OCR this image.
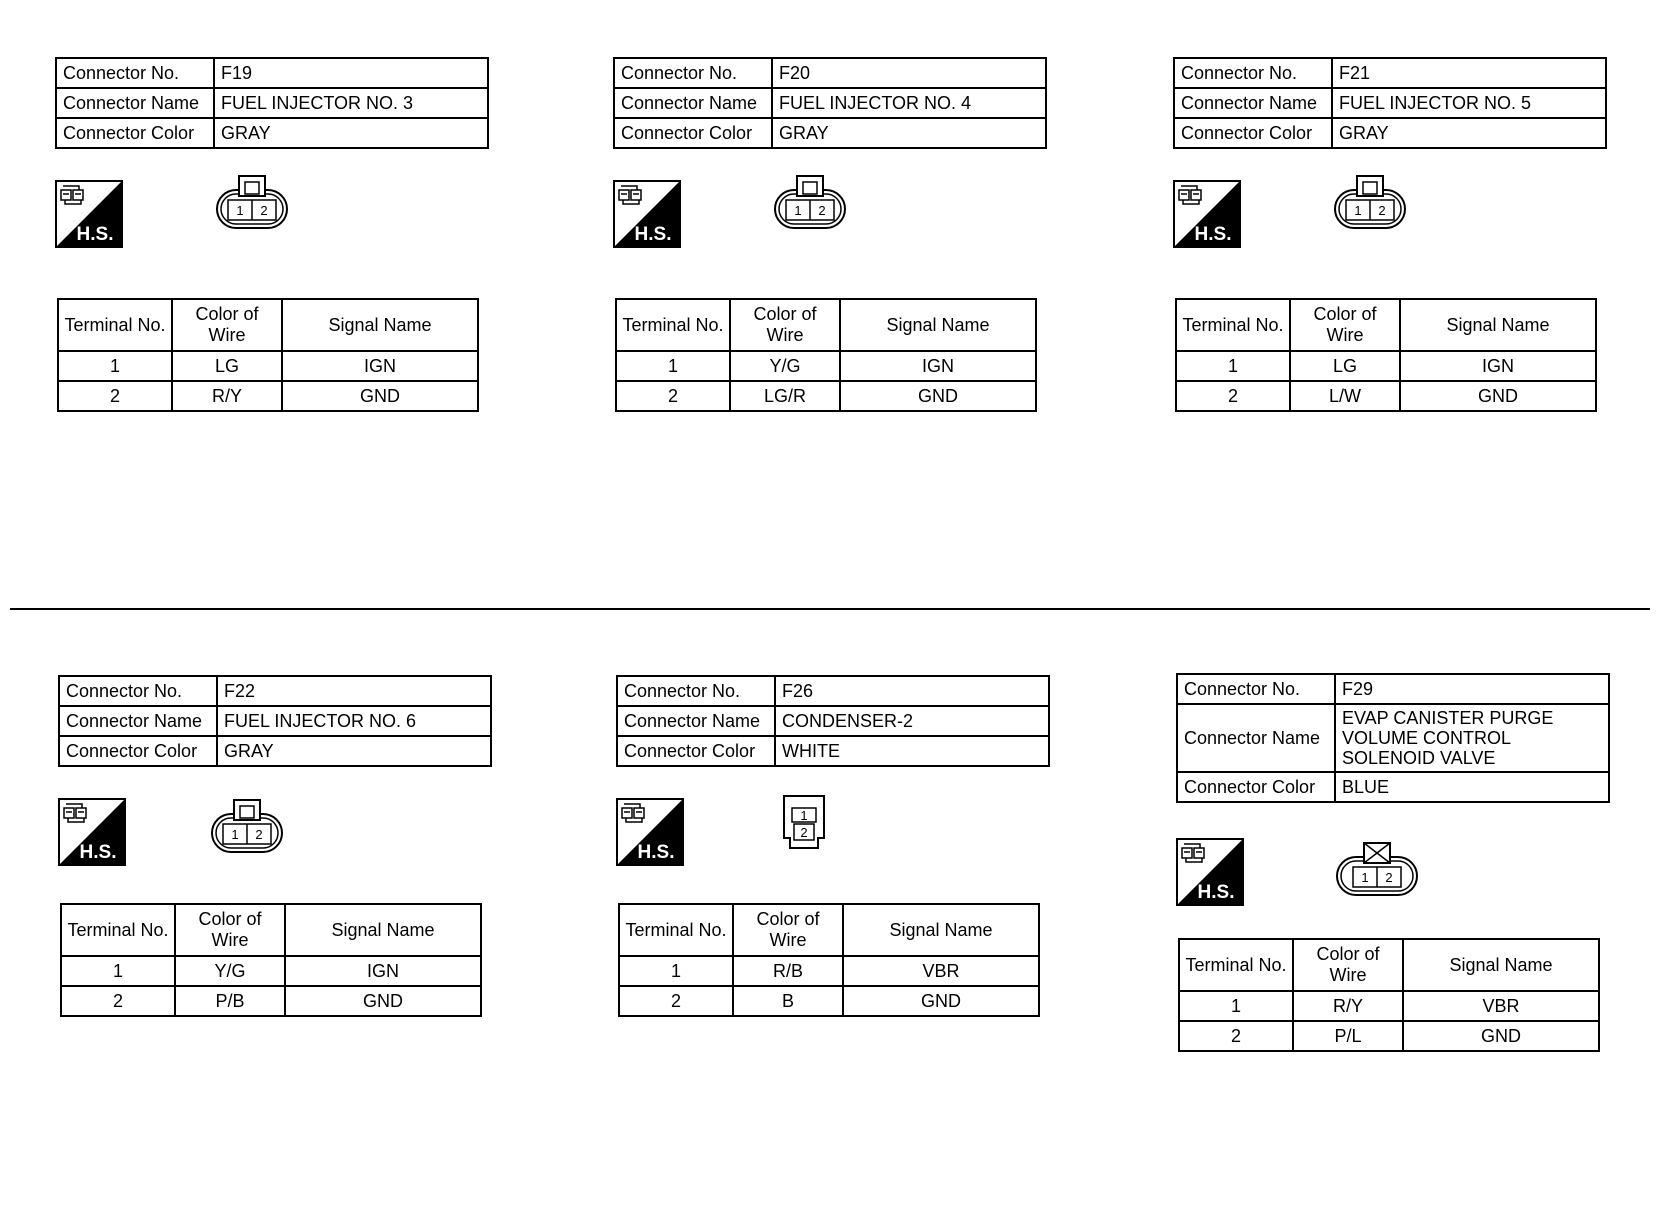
Connector No.	F19
Connector Name	FUEL INJECTOR NO. 3
Connector Color	GRAY
H.S.
1 2
Terminal No.	Color of Wire	Signal Name
1	LG	IGN
2	R/Y	GND
Connector No.	F20
Connector Name	FUEL INJECTOR NO. 4
Connector Color	GRAY
H.S.
1 2
Terminal No.	Color of Wire	Signal Name
1	Y/G	IGN
2	LG/R	GND
Connector No.	F21
Connector Name	FUEL INJECTOR NO. 5
Connector Color	GRAY
H.S.
1 2
Terminal No.	Color of Wire	Signal Name
1	LG	IGN
2	L/W	GND
Connector No.	F22
Connector Name	FUEL INJECTOR NO. 6
Connector Color	GRAY
H.S.
1 2
Terminal No.	Color of Wire	Signal Name
1	Y/G	IGN
2	P/B	GND
Connector No.	F26
Connector Name	CONDENSER-2
Connector Color	WHITE
H.S.
1
2
Terminal No.	Color of Wire	Signal Name
1	R/B	VBR
2	B	GND
Connector No.	F29
Connector Name	EVAP CANISTER PURGE VOLUME CONTROL SOLENOID VALVE
Connector Color	BLUE
H.S.
1 2
Terminal No.	Color of Wire	Signal Name
1	R/Y	VBR
2	P/L	GND
